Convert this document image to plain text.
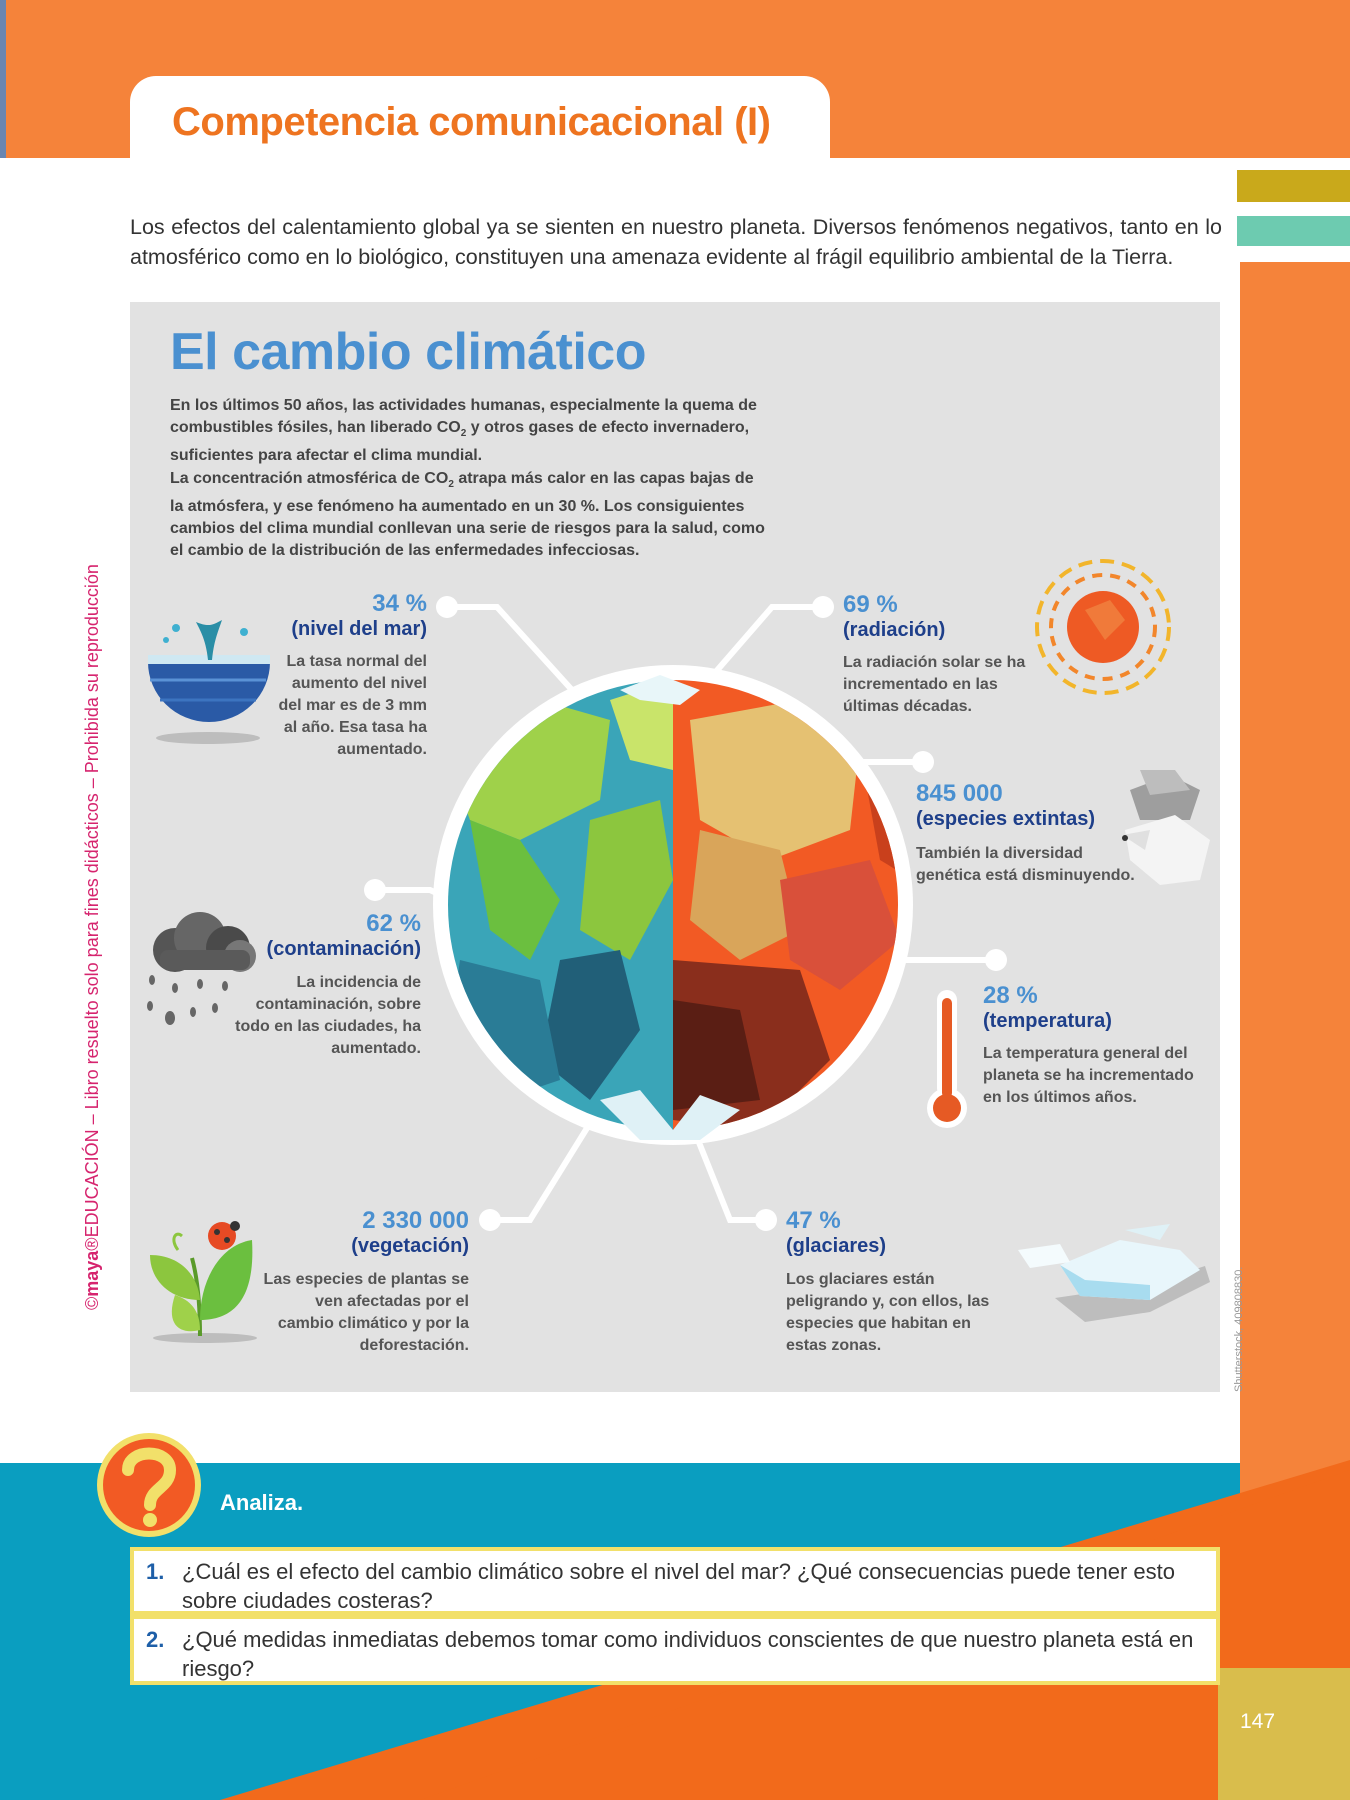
Competencia comunicacional (I)
Los efectos del calentamiento global ya se sienten en nuestro planeta. Diversos fenómenos negativos, tanto en lo atmosférico como en lo biológico, constituyen una amenaza evidente al frágil equilibrio ambiental de la Tierra.
El cambio climático
En los últimos 50 años, las actividades humanas, especialmente la quema de combustibles fósiles, han liberado $CO_2$ y otros gases de efecto invernadero, suficientes para afectar el clima mundial.
La concentración atmosférica de $CO_2$ atrapa más calor en las capas bajas de la atmósfera, y ese fenómeno ha aumentado en un 30 %. Los consiguientes cambios del clima mundial conllevan una serie de riesgos para la salud, como el cambio de la distribución de las enfermedades infecciosas.
34 %
(nivel del mar)
La tasa normal del aumento del nivel del mar es de 3 mm al año. Esa tasa ha aumentado.
69 %
(radiación)
La radiación solar se ha incrementado en las últimas décadas.
845 000
(especies extintas)
También la diversidad genética está disminuyendo.
62 %
(contaminación)
La incidencia de contaminación, sobre todo en las ciudades, ha aumentado.
28 %
(temperatura)
La temperatura general del planeta se ha incrementado en los últimos años.
2 330 000
(vegetación)
Las especies de plantas se ven afectadas por el cambio climático y por la deforestación.
47 %
(glaciares)
Los glaciares están peligrando y, con ellos, las especies que habitan en estas zonas.	Shutterstock, 409808830.
©maya®EDUCACIÓN – Libro resuelto solo para fines didácticos – Prohibida su reproducción
Analiza.
1. ¿Cuál es el efecto del cambio climático sobre el nivel del mar? ¿Qué consecuencias puede tener esto sobre ciudades costeras?
2. ¿Qué medidas inmediatas debemos tomar como individuos conscientes de que nuestro planeta está en riesgo?
147
